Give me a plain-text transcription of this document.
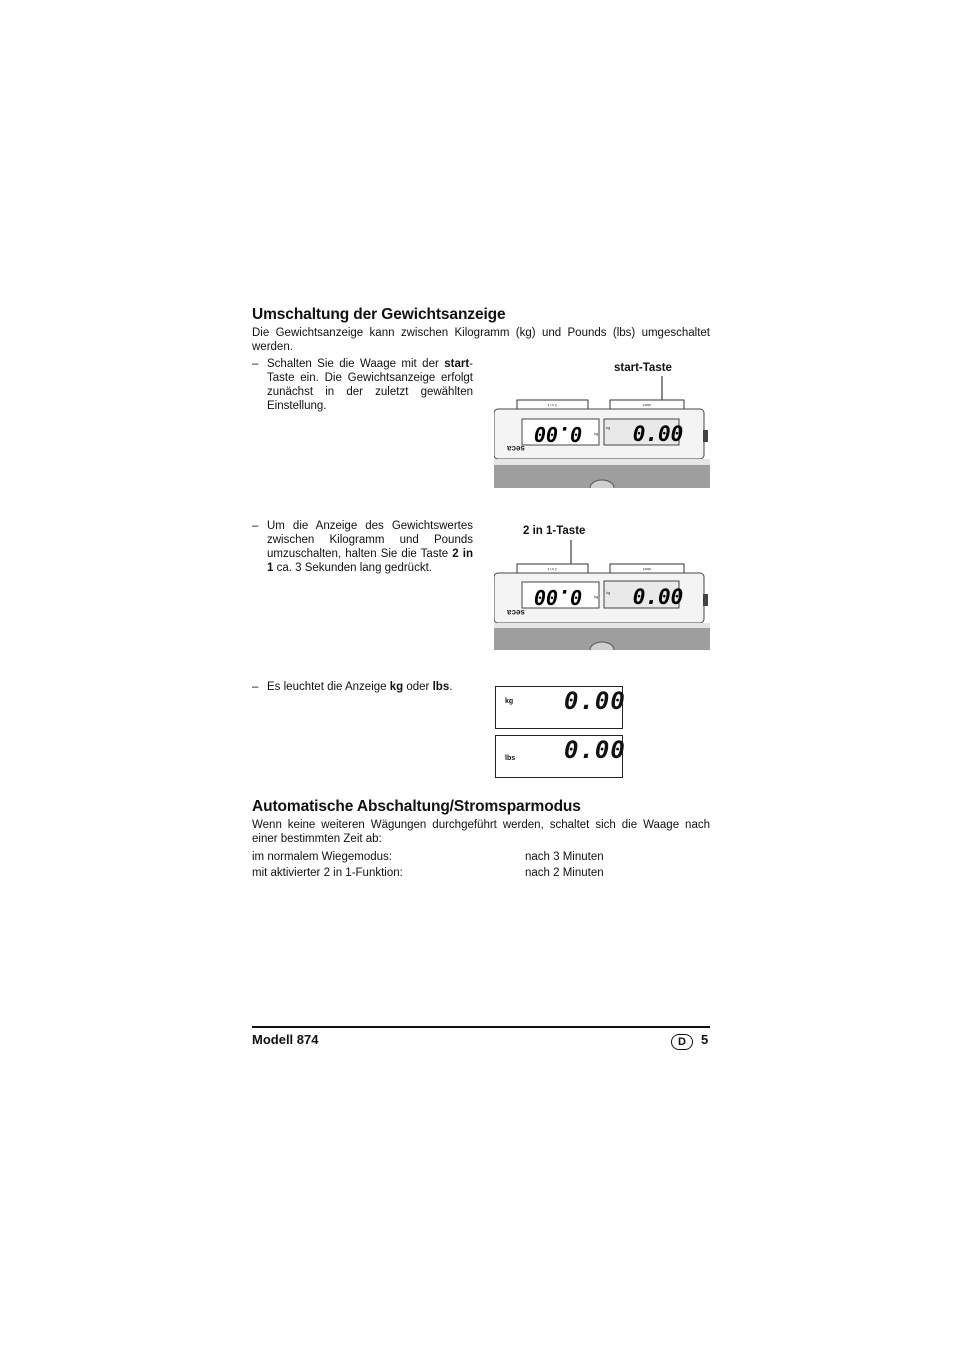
Umschaltung der Gewichtsanzeige
Die Gewichtsanzeige kann zwischen Kilogramm (kg) und Pounds (lbs) umgeschaltet werden.
– Schalten Sie die Waage mit der start-Taste ein. Die Gewichtsanzeige erfolgt zunächst in der zuletzt gewählten Einstellung.
start-Taste
2 in 1	start
0.00	kg
kg 0.00
seca
– Um die Anzeige des Gewichtswertes zwischen Kilogramm und Pounds umzuschalten, halten Sie die Taste 2 in 1 ca. 3 Sekunden lang gedrückt.
2 in 1-Taste
2 in 1	start
0.00	kg
kg 0.00
seca
– Es leuchtet die Anzeige kg oder lbs.
kg 0.00
lbs 0.00
Automatische Abschaltung/Stromsparmodus
Wenn keine weiteren Wägungen durchgeführt werden, schaltet sich die Waage nach einer bestimmten Zeit ab:
im normalem Wiegemodus:	nach 3 Minuten
mit aktivierter 2 in 1-Funktion:	nach 2 Minuten
Modell 874	D	5
